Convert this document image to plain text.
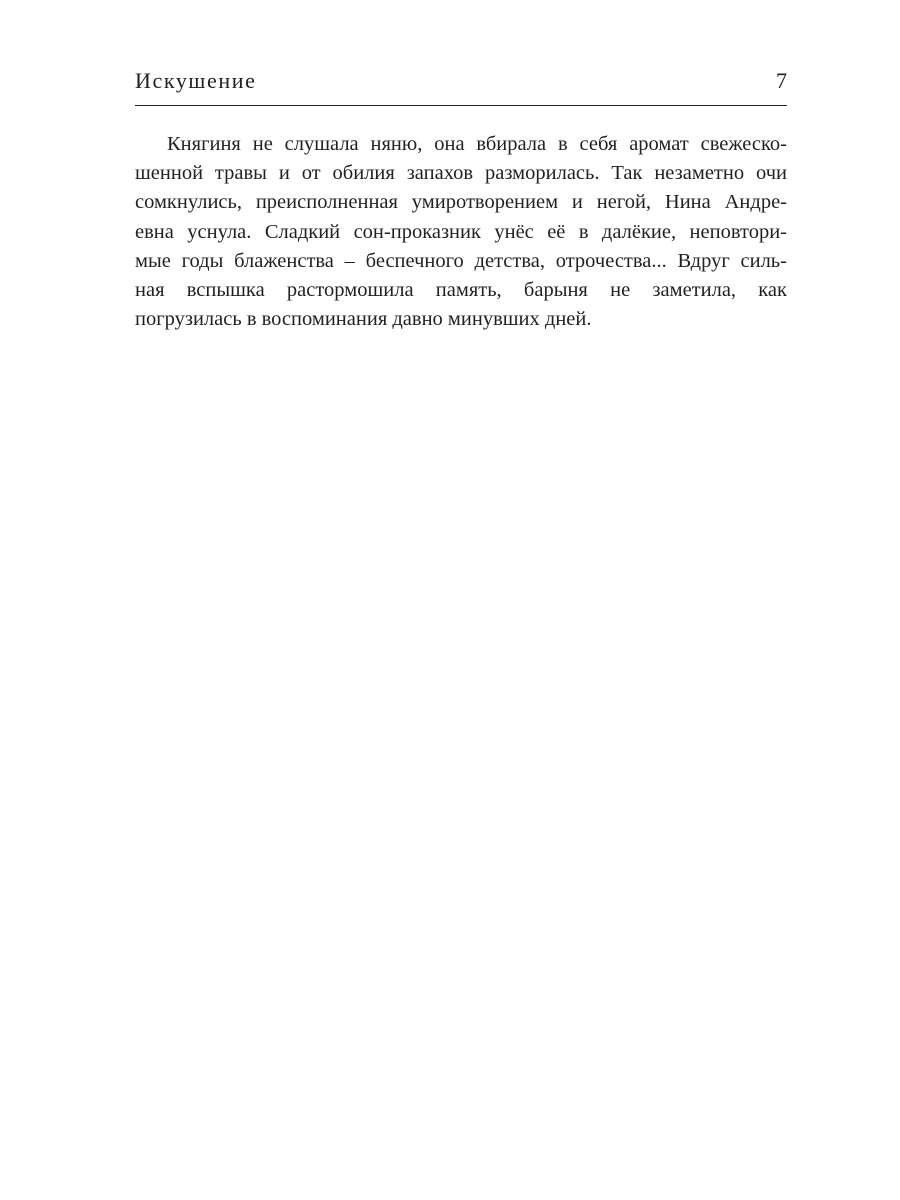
Искушение	7
Княгиня не слушала няню, она вбирала в себя аромат свежеско-
шенной травы и от обилия запахов разморилась. Так незаметно очи
сомкнулись, преисполненная умиротворением и негой, Нина Андре-
евна уснула. Сладкий сон-проказник унёс её в далёкие, неповтори-
мые годы блаженства – беспечного детства, отрочества... Вдруг силь-
ная вспышка растормошила память, барыня не заметила, как
погрузилась в воспоминания давно минувших дней.
